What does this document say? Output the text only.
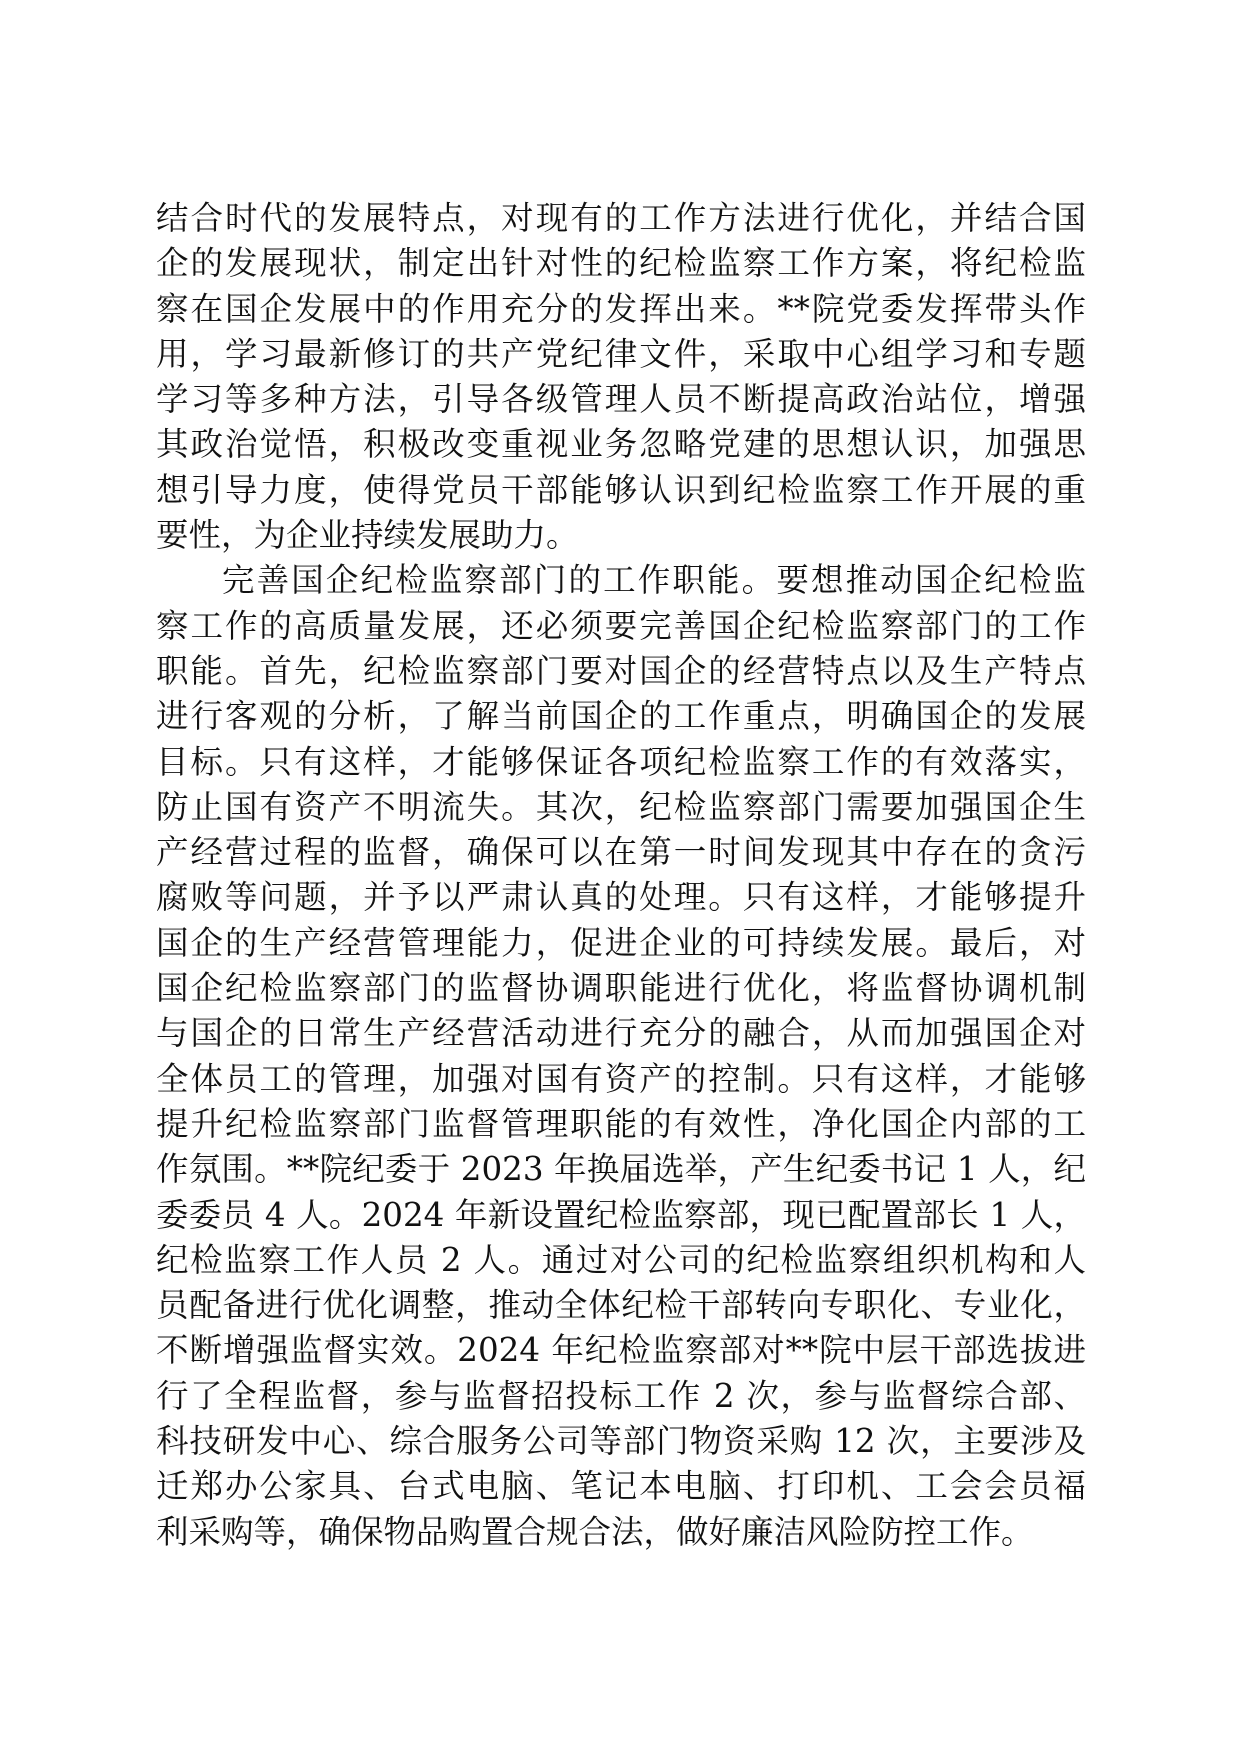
结合时代的发展特点，对现有的工作方法进行优化，并结合国
企的发展现状，制定出针对性的纪检监察工作方案，将纪检监
察在国企发展中的作用充分的发挥出来。**院党委发挥带头作
用，学习最新修订的共产党纪律文件，采取中心组学习和专题
学习等多种方法，引导各级管理人员不断提高政治站位，增强
其政治觉悟，积极改变重视业务忽略党建的思想认识，加强思
想引导力度，使得党员干部能够认识到纪检监察工作开展的重
要性，为企业持续发展助力。
完善国企纪检监察部门的工作职能。要想推动国企纪检监
察工作的高质量发展，还必须要完善国企纪检监察部门的工作
职能。首先，纪检监察部门要对国企的经营特点以及生产特点
进行客观的分析，了解当前国企的工作重点，明确国企的发展
目标。只有这样，才能够保证各项纪检监察工作的有效落实，
防止国有资产不明流失。其次，纪检监察部门需要加强国企生
产经营过程的监督，确保可以在第一时间发现其中存在的贪污
腐败等问题，并予以严肃认真的处理。只有这样，才能够提升
国企的生产经营管理能力，促进企业的可持续发展。最后，对
国企纪检监察部门的监督协调职能进行优化，将监督协调机制
与国企的日常生产经营活动进行充分的融合，从而加强国企对
全体员工的管理，加强对国有资产的控制。只有这样，才能够
提升纪检监察部门监督管理职能的有效性，净化国企内部的工
作氛围。**院纪委于 2023 年换届选举，产生纪委书记 1 人，纪
委委员 4 人。2024 年新设置纪检监察部，现已配置部长 1 人，
纪检监察工作人员 2 人。通过对公司的纪检监察组织机构和人
员配备进行优化调整，推动全体纪检干部转向专职化、专业化，
不断增强监督实效。2024 年纪检监察部对**院中层干部选拔进
行了全程监督，参与监督招投标工作 2 次，参与监督综合部、
科技研发中心、综合服务公司等部门物资采购 12 次，主要涉及
迁郑办公家具、台式电脑、笔记本电脑、打印机、工会会员福
利采购等，确保物品购置合规合法，做好廉洁风险防控工作。
